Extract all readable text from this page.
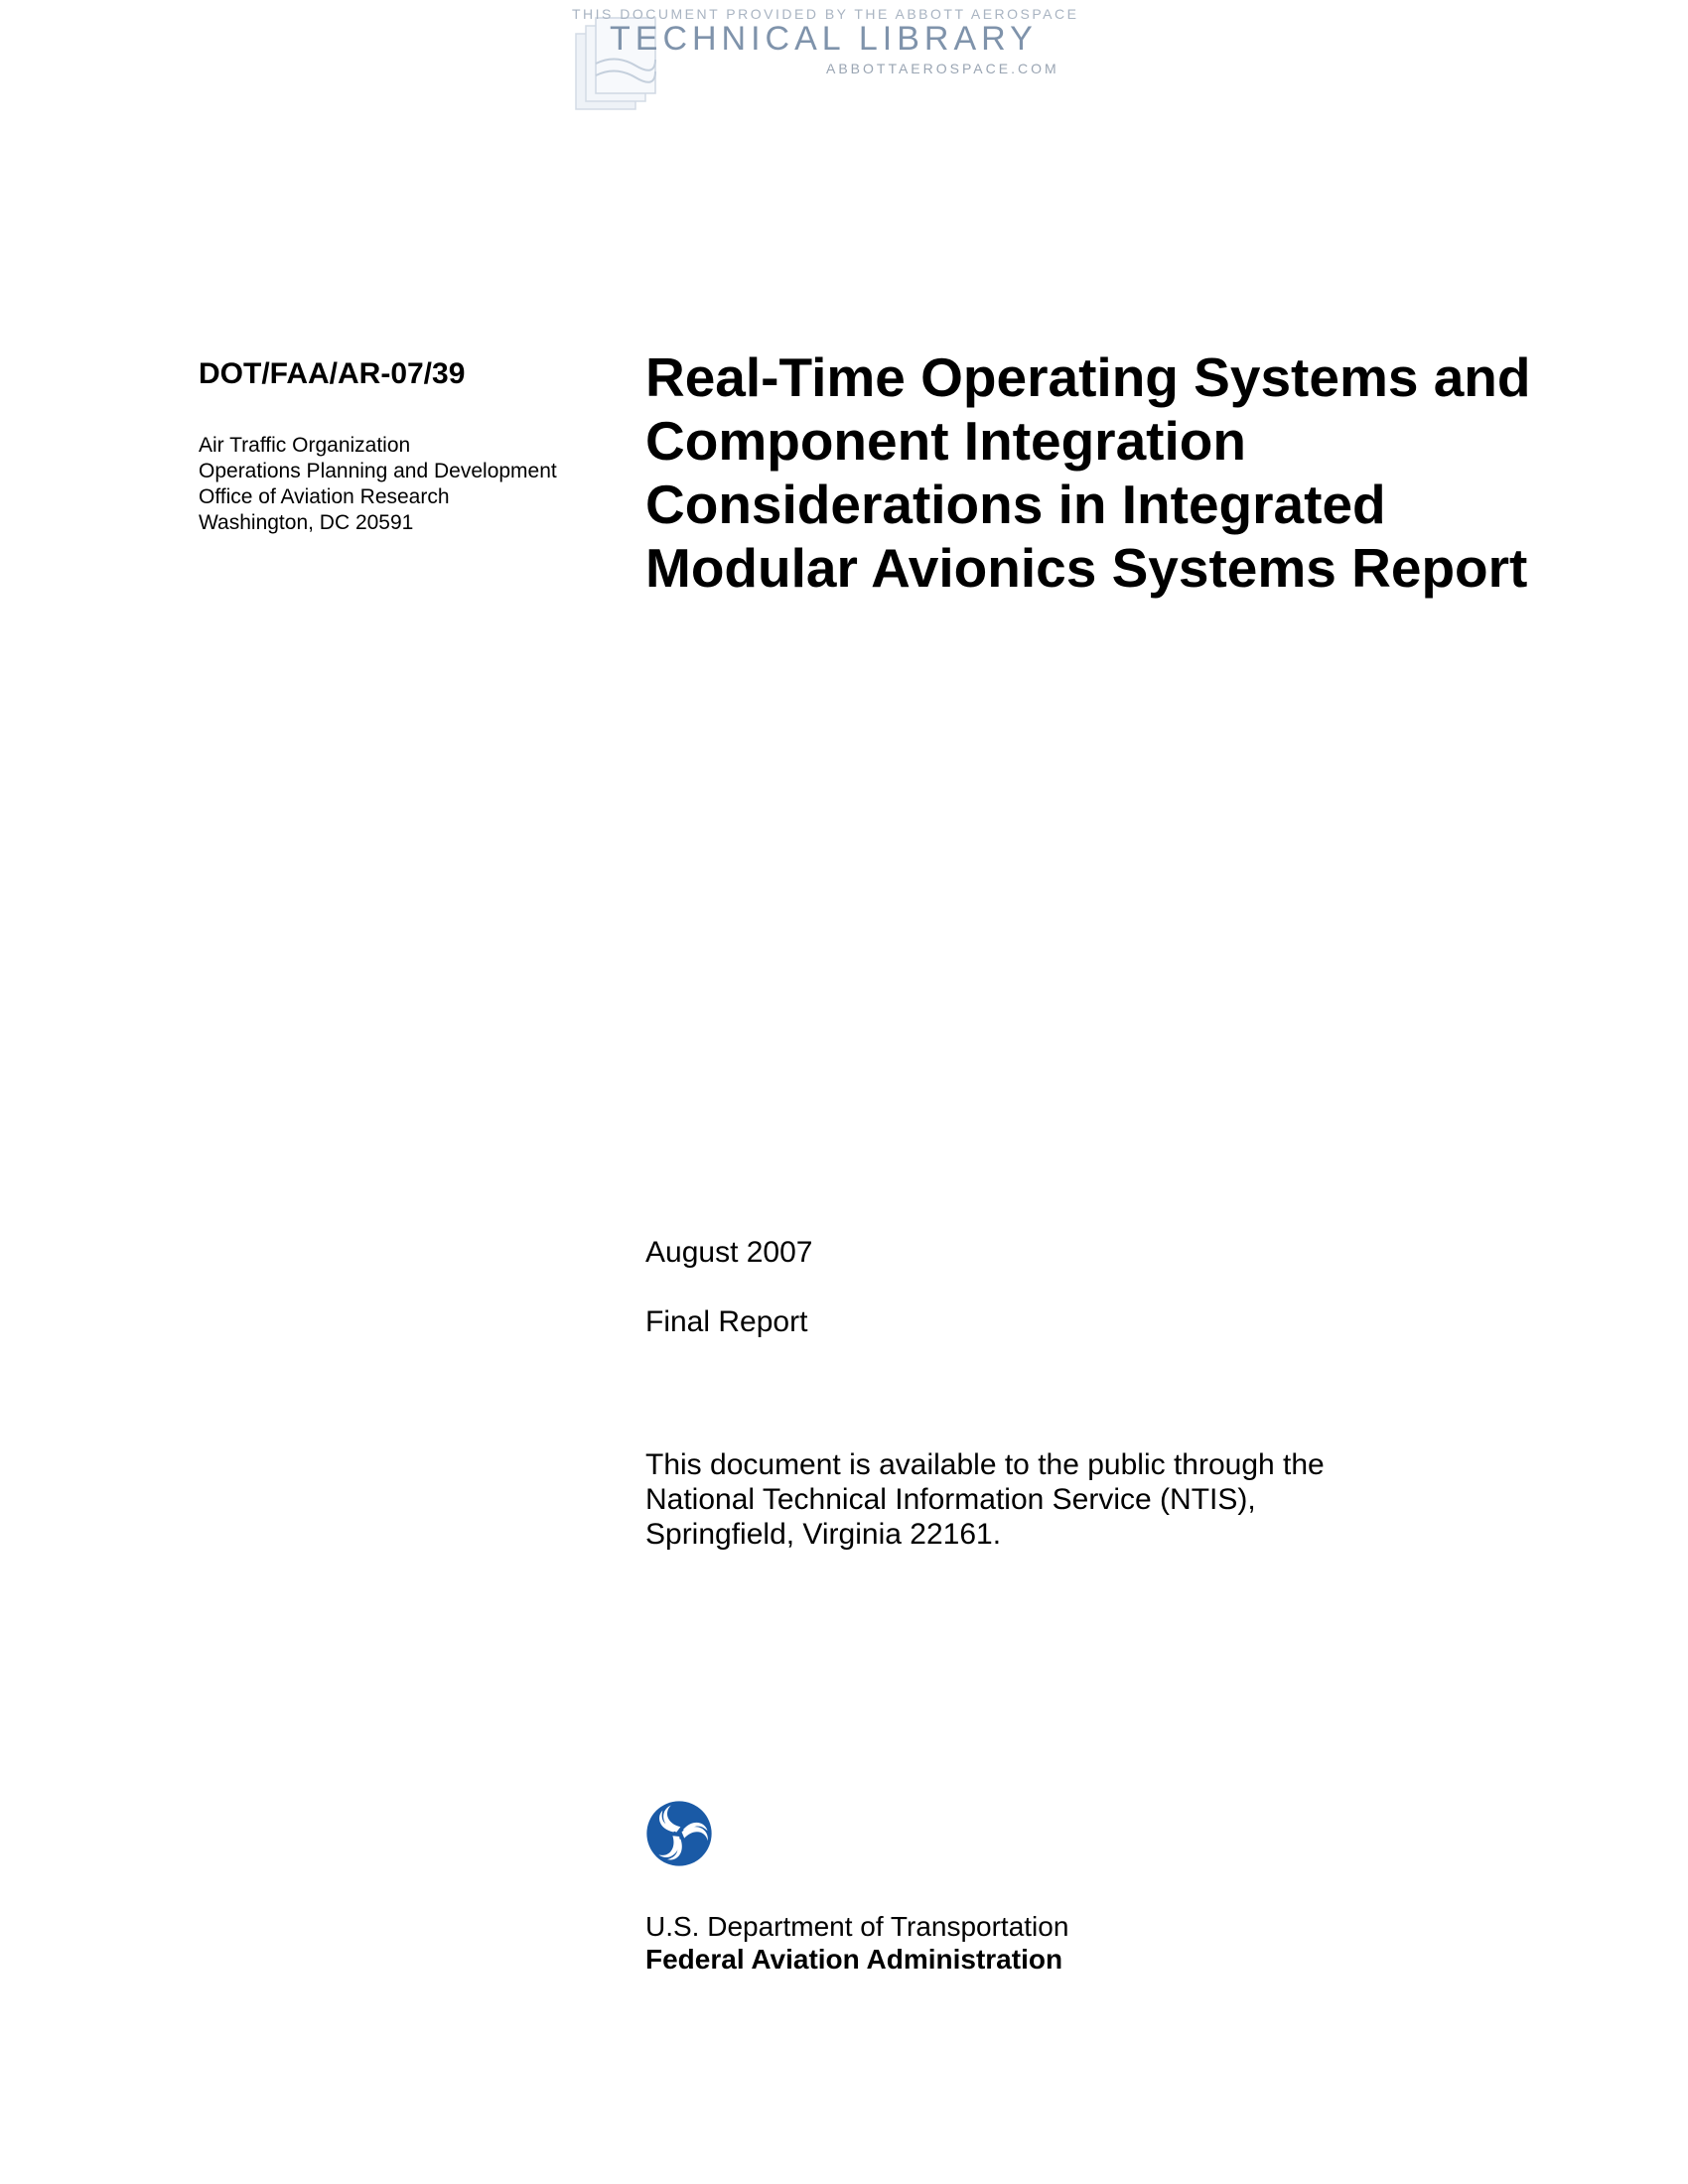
THIS DOCUMENT PROVIDED BY THE ABBOTT AEROSPACE
TECHNICAL LIBRARY
ABBOTTAEROSPACE.COM
DOT/FAA/AR-07/39
Air Traffic Organization
Operations Planning and Development
Office of Aviation Research
Washington, DC 20591
Real-Time Operating Systems and
Component Integration
Considerations in Integrated
Modular Avionics Systems Report
August 2007
Final Report
This document is available to the public through the
National Technical Information Service (NTIS),
Springfield, Virginia 22161.
U.S. Department of Transportation
Federal Aviation Administration
